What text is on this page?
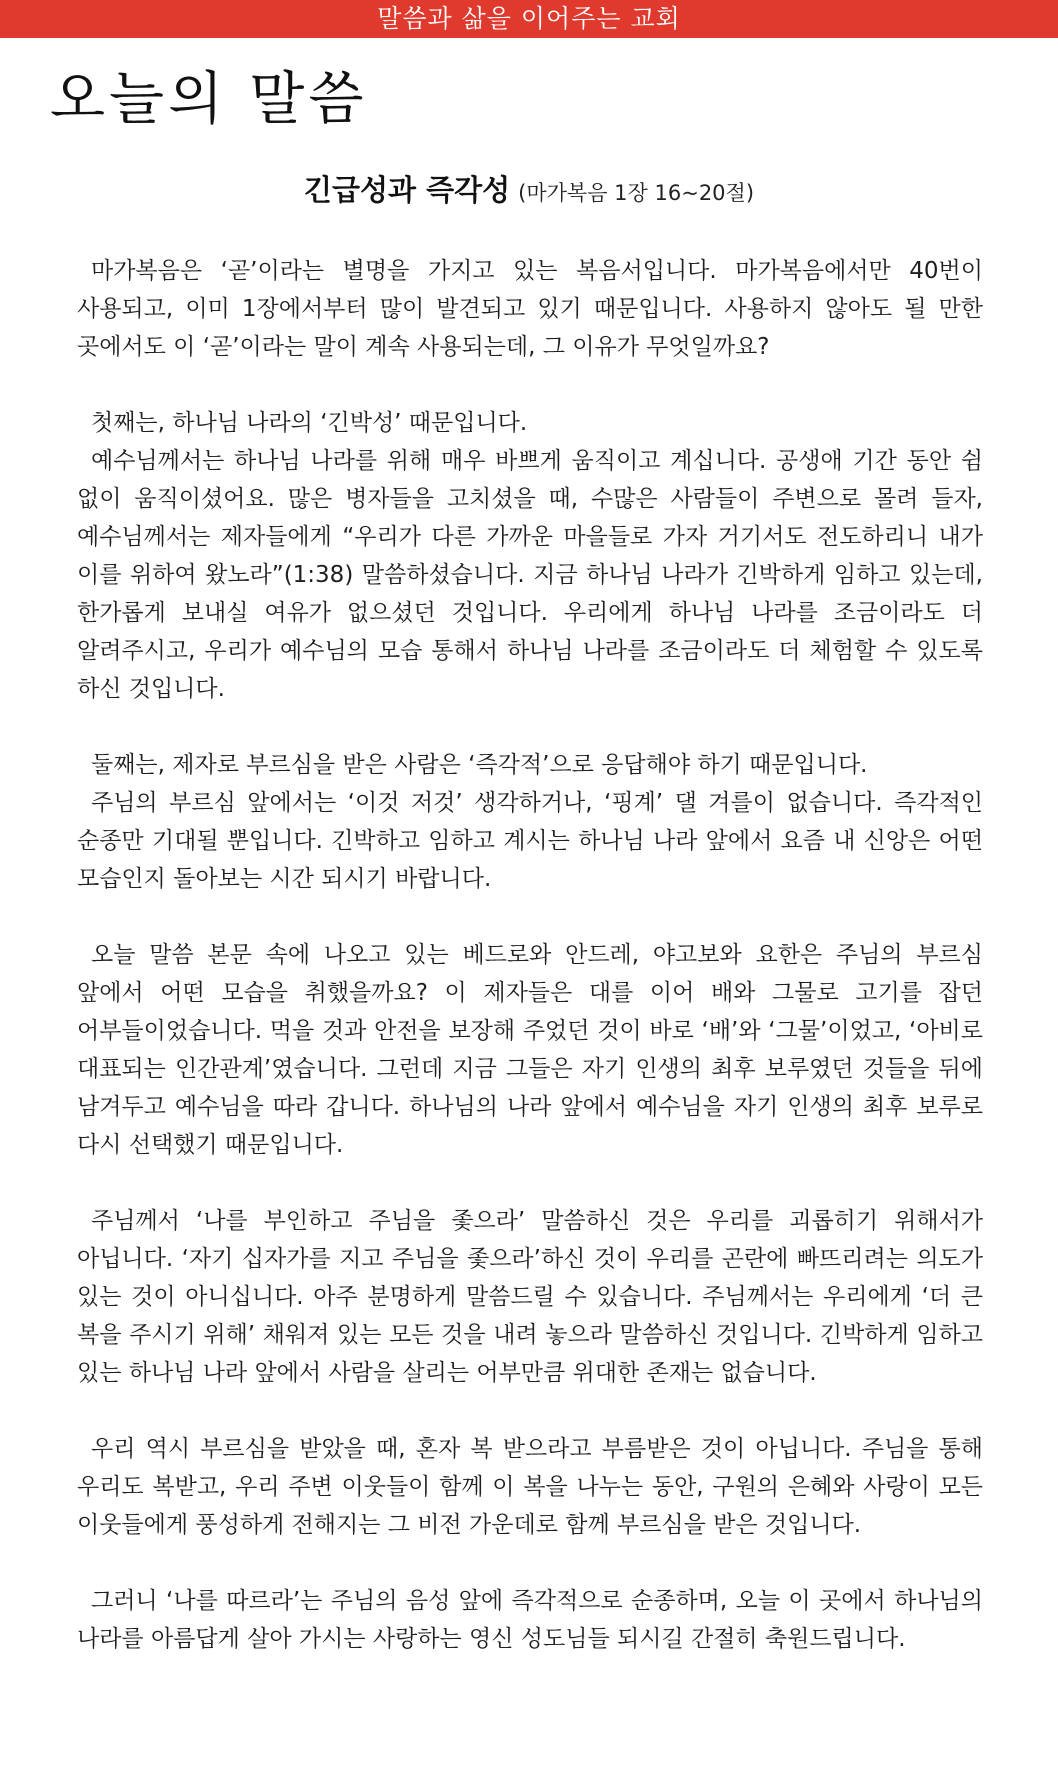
말씀과 삶을 이어주는 교회
오늘의 말씀
긴급성과 즉각성 (마가복음 1장 16~20절)

마가복음은 ‘곧’이라는 별명을 가지고 있는 복음서입니다. 마가복음에서만 40번이 사용되고, 이미 1장에서부터 많이 발견되고 있기 때문입니다. 사용하지 않아도 될 만한 곳에서도 이 ‘곧’이라는 말이 계속 사용되는데, 그 이유가 무엇일까요?

첫째는, 하나님 나라의 ‘긴박성’ 때문입니다.

예수님께서는 하나님 나라를 위해 매우 바쁘게 움직이고 계십니다. 공생애 기간 동안 쉼 없이 움직이셨어요. 많은 병자들을 고치셨을 때, 수많은 사람들이 주변으로 몰려 들자, 예수님께서는 제자들에게 “우리가 다른 가까운 마을들로 가자 거기서도 전도하리니 내가 이를 위하여 왔노라”(1:38) 말씀하셨습니다. 지금 하나님 나라가 긴박하게 임하고 있는데, 한가롭게 보내실 여유가 없으셨던 것입니다. 우리에게 하나님 나라를 조금이라도 더 알려주시고, 우리가 예수님의 모습 통해서 하나님 나라를 조금이라도 더 체험할 수 있도록 하신 것입니다.

둘째는, 제자로 부르심을 받은 사람은 ‘즉각적’으로 응답해야 하기 때문입니다.

주님의 부르심 앞에서는 ‘이것 저것’ 생각하거나, ‘핑계’ 댈 겨를이 없습니다. 즉각적인 순종만 기대될 뿐입니다. 긴박하고 임하고 계시는 하나님 나라 앞에서 요즘 내 신앙은 어떤 모습인지 돌아보는 시간 되시기 바랍니다.

오늘 말씀 본문 속에 나오고 있는 베드로와 안드레, 야고보와 요한은 주님의 부르심 앞에서 어떤 모습을 취했을까요? 이 제자들은 대를 이어 배와 그물로 고기를 잡던 어부들이었습니다. 먹을 것과 안전을 보장해 주었던 것이 바로 ‘배’와 ‘그물’이었고, ‘아비로 대표되는 인간관계’였습니다. 그런데 지금 그들은 자기 인생의 최후 보루였던 것들을 뒤에 남겨두고 예수님을 따라 갑니다. 하나님의 나라 앞에서 예수님을 자기 인생의 최후 보루로 다시 선택했기 때문입니다.

주님께서 ‘나를 부인하고 주님을 좇으라’ 말씀하신 것은 우리를 괴롭히기 위해서가 아닙니다. ‘자기 십자가를 지고 주님을 좇으라’하신 것이 우리를 곤란에 빠뜨리려는 의도가 있는 것이 아니십니다. 아주 분명하게 말씀드릴 수 있습니다. 주님께서는 우리에게 ‘더 큰 복을 주시기 위해’ 채워져 있는 모든 것을 내려 놓으라 말씀하신 것입니다. 긴박하게 임하고 있는 하나님 나라 앞에서 사람을 살리는 어부만큼 위대한 존재는 없습니다.

우리 역시 부르심을 받았을 때, 혼자 복 받으라고 부름받은 것이 아닙니다. 주님을 통해 우리도 복받고, 우리 주변 이웃들이 함께 이 복을 나누는 동안, 구원의 은혜와 사랑이 모든 이웃들에게 풍성하게 전해지는 그 비전 가운데로 함께 부르심을 받은 것입니다.

그러니 ‘나를 따르라’는 주님의 음성 앞에 즉각적으로 순종하며, 오늘 이 곳에서 하나님의 나라를 아름답게 살아 가시는 사랑하는 영신 성도님들 되시길 간절히 축원드립니다.
